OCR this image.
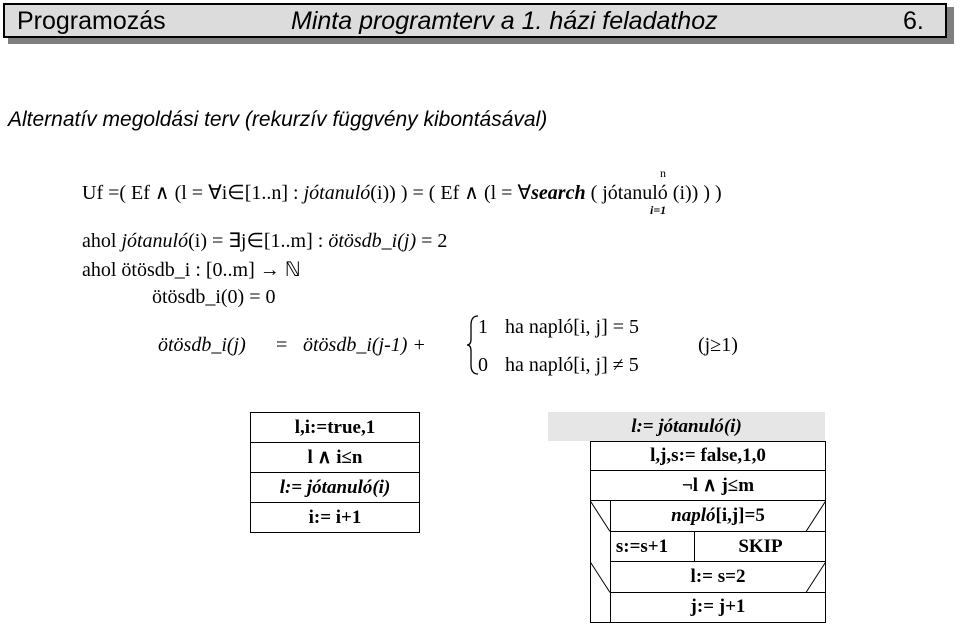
Programozás	Minta programterv a 1. házi feladathoz	6.
Alternatív megoldási terv (rekurzív függvény kibontásával)
Uf =( Ef ∧ (l = ∀i∈[1..n] : jótanuló(i)) ) = ( Ef ∧ (l = ∀search ( jótanuló (i)) ) )
n
i=1
ahol jótanuló(i) = ∃j∈[1..m] : ötösdb_i(j) = 2
ahol ötösdb_i : [0..m] → ℕ
ötösdb_i(0) = 0
ötösdb_i(j) = ötösdb_i(j-1) +
1 ha napló[i, j] = 5
0 ha napló[i, j] ≠ 5
(j≥1)
l,i:=true,1
l ∧ i≤n

l:= jótanuló(i)
i:= i+1
l:= jótanuló(i)
l,j,s:= false,1,0
¬l ∧ j≤m
napló[i,j]=5
s:=s+1	SKIP
l:= s=2
j:= j+1
